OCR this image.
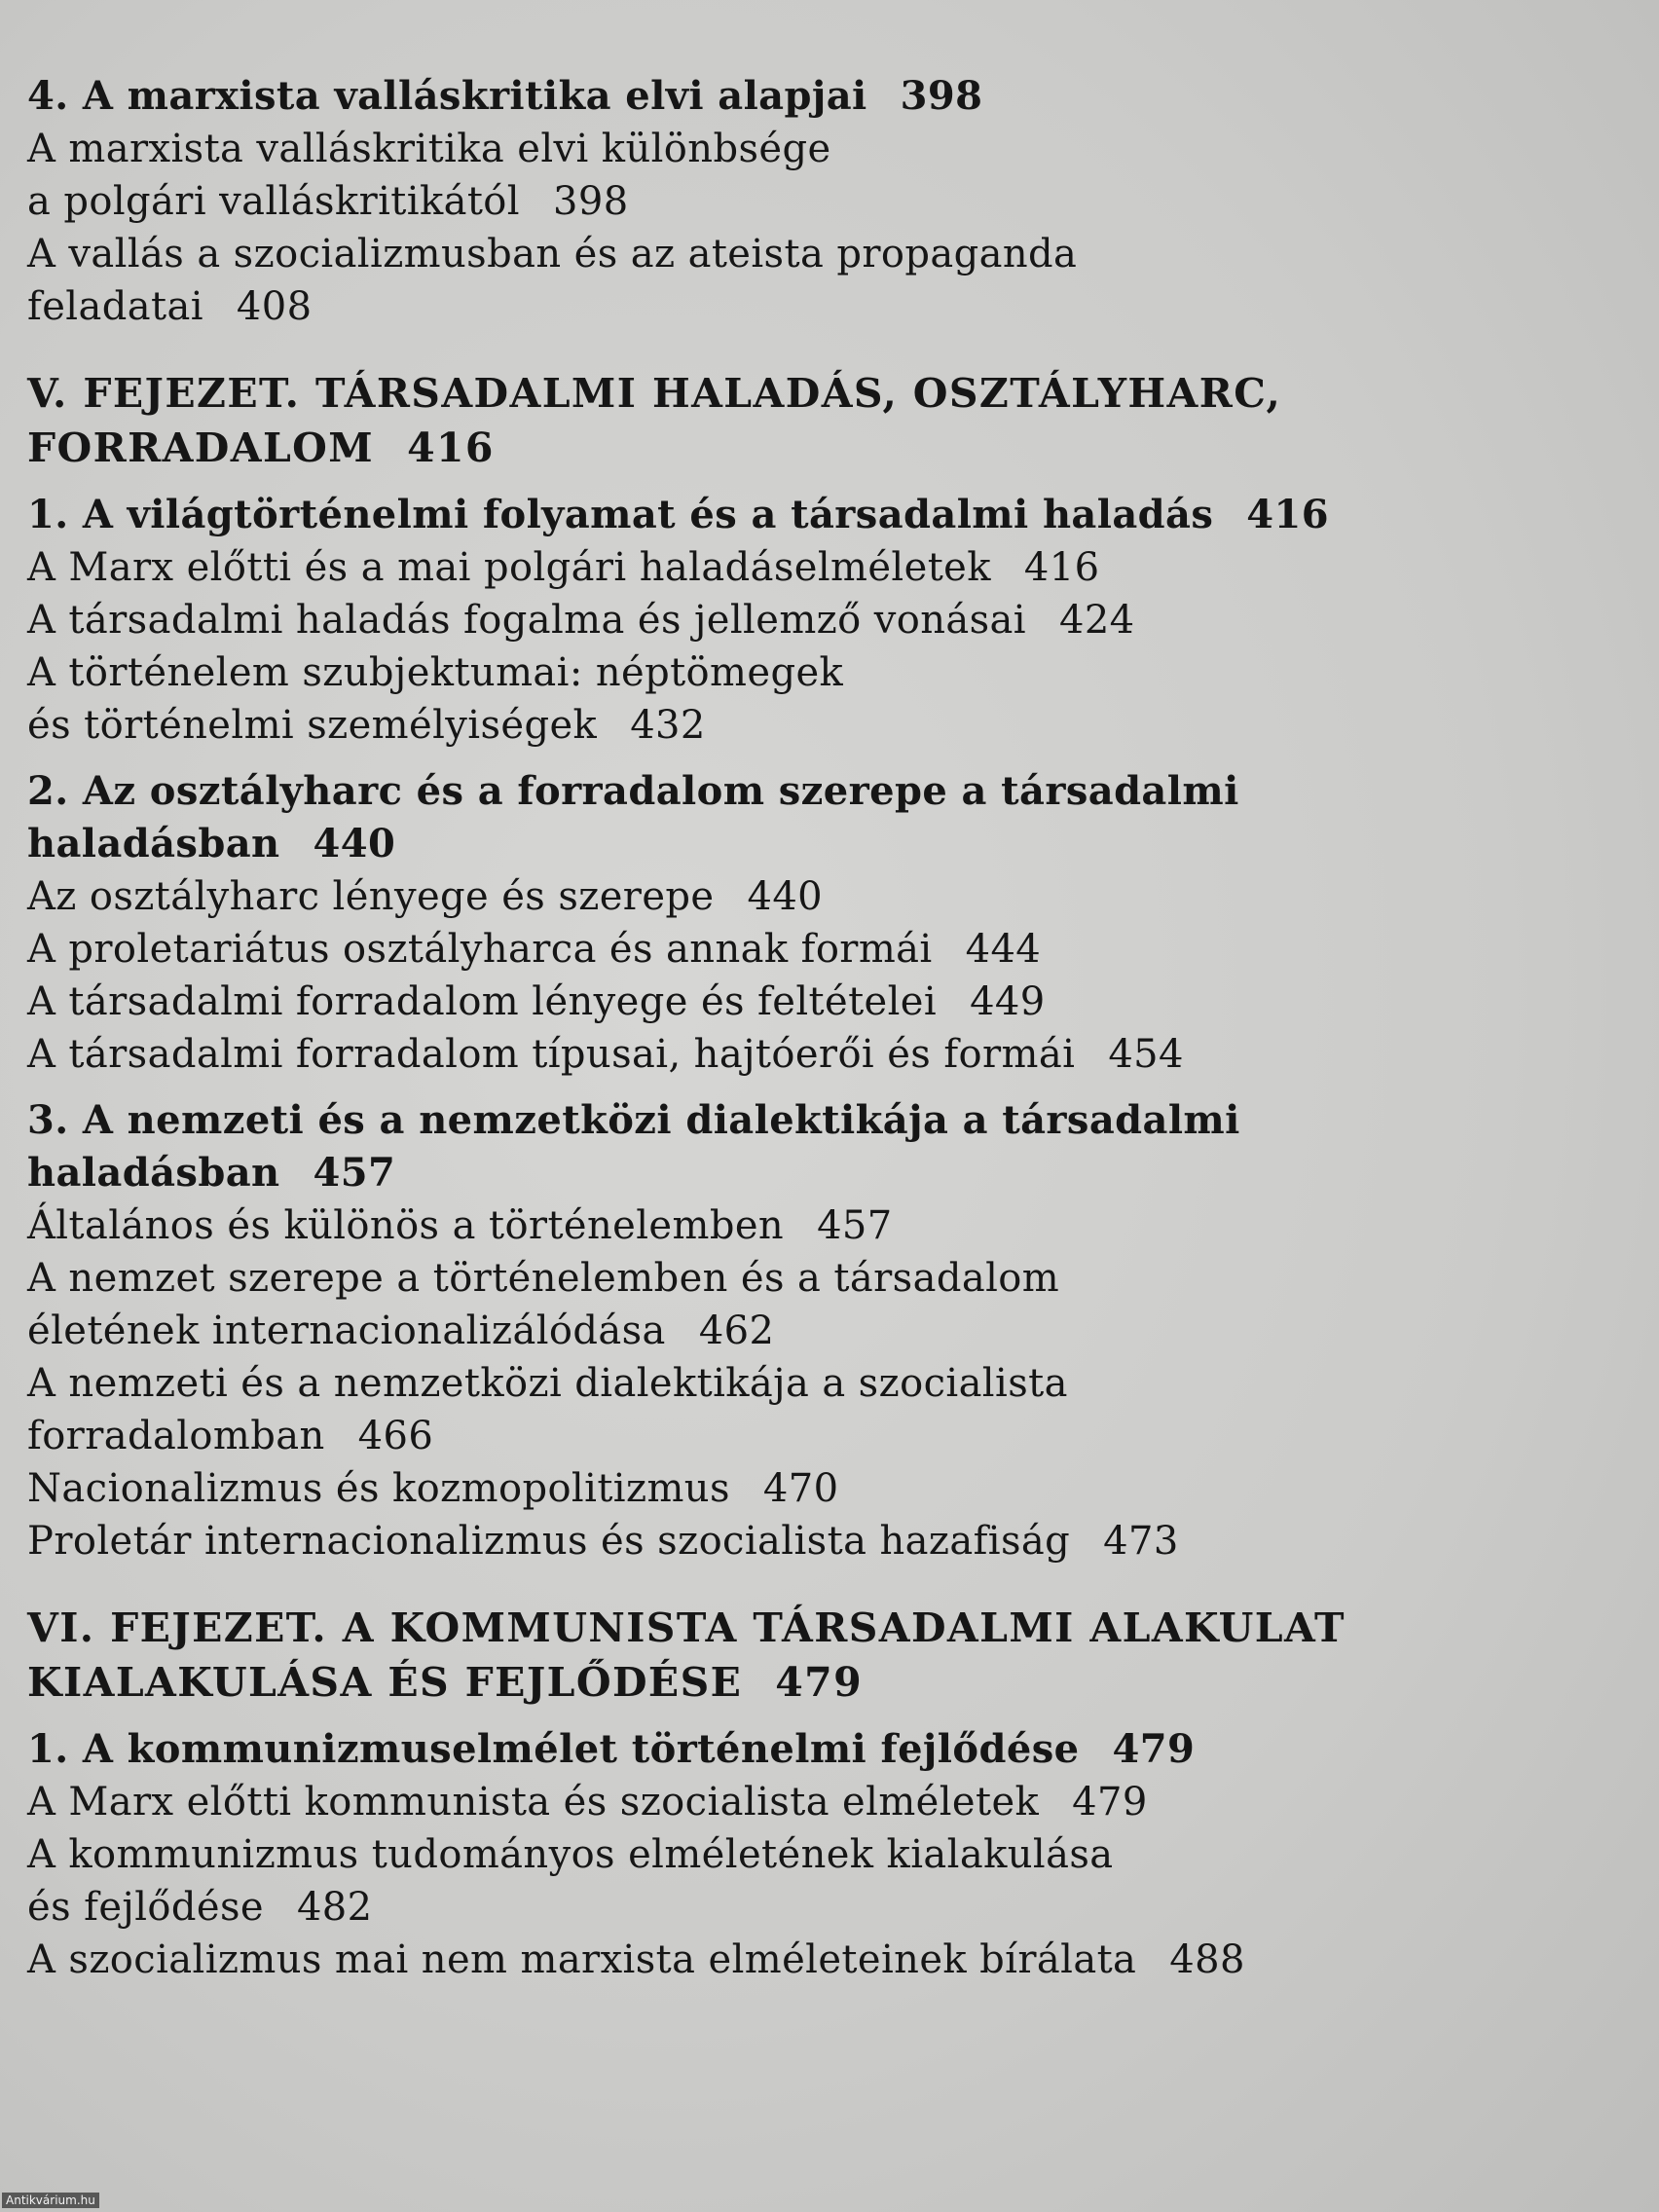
4. A marxista valláskritika elvi alapjai 398
A marxista valláskritika elvi különbsége
a polgári valláskritikától 398
A vallás a szocializmusban és az ateista propaganda
feladatai 408
V. FEJEZET. TÁRSADALMI HALADÁS, OSZTÁLYHARC,
FORRADALOM 416
1. A világtörténelmi folyamat és a társadalmi haladás 416
A Marx előtti és a mai polgári haladáselméletek 416
A társadalmi haladás fogalma és jellemző vonásai 424
A történelem szubjektumai: néptömegek
és történelmi személyiségek 432
2. Az osztályharc és a forradalom szerepe a társadalmi
haladásban 440
Az osztályharc lényege és szerepe 440
A proletariátus osztályharca és annak formái 444
A társadalmi forradalom lényege és feltételei 449
A társadalmi forradalom típusai, hajtóerői és formái 454
3. A nemzeti és a nemzetközi dialektikája a társadalmi
haladásban 457
Általános és különös a történelemben 457
A nemzet szerepe a történelemben és a társadalom
életének internacionalizálódása 462
A nemzeti és a nemzetközi dialektikája a szocialista
forradalomban 466
Nacionalizmus és kozmopolitizmus 470
Proletár internacionalizmus és szocialista hazafiság 473
VI. FEJEZET. A KOMMUNISTA TÁRSADALMI ALAKULAT
KIALAKULÁSA ÉS FEJLŐDÉSE 479
1. A kommunizmuselmélet történelmi fejlődése 479
A Marx előtti kommunista és szocialista elméletek 479
A kommunizmus tudományos elméletének kialakulása
és fejlődése 482
A szocializmus mai nem marxista elméleteinek bírálata 488
Antikvárium.hu
